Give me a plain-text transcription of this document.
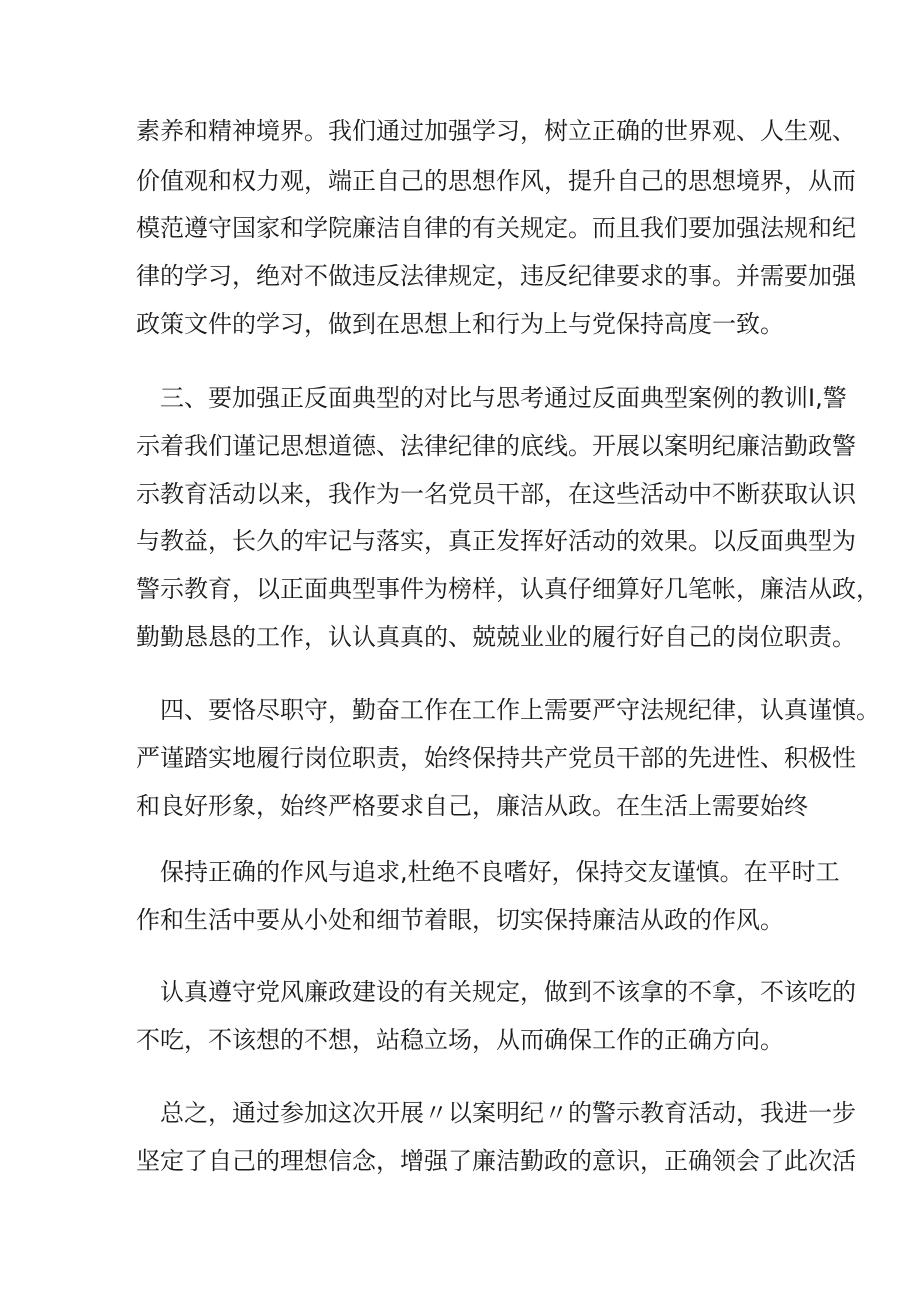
素养和精神境界。我们通过加强学习，树立正确的世界观、人生观、
价值观和权力观，端正自己的思想作风，提升自己的思想境界，从而
模范遵守国家和学院廉洁自律的有关规定。而且我们要加强法规和纪
律的学习，绝对不做违反法律规定，违反纪律要求的事。并需要加强
政策文件的学习，做到在思想上和行为上与党保持高度一致。
三、要加强正反面典型的对比与思考通过反面典型案例的教训Ⅰ,警
示着我们谨记思想道德、法律纪律的底线。开展以案明纪廉洁勤政警
示教育活动以来，我作为一名党员干部，在这些活动中不断获取认识
与教益，长久的牢记与落实，真正发挥好活动的效果。以反面典型为
警示教育，以正面典型事件为榜样，认真仔细算好几笔帐，廉洁从政，
勤勤恳恳的工作，认认真真的、兢兢业业的履行好自己的岗位职责。
四、要恪尽职守，勤奋工作在工作上需要严守法规纪律，认真谨慎。
严谨踏实地履行岗位职责，始终保持共产党员干部的先进性、积极性
和良好形象，始终严格要求自己，廉洁从政。在生活上需要始终
保持正确的作风与追求,杜绝不良嗜好，保持交友谨慎。在平时工
作和生活中要从小处和细节着眼，切实保持廉洁从政的作风。
认真遵守党风廉政建设的有关规定，做到不该拿的不拿，不该吃的
不吃，不该想的不想，站稳立场，从而确保工作的正确方向。
总之，通过参加这次开展〃以案明纪〃的警示教育活动，我进一步
坚定了自己的理想信念，增强了廉洁勤政的意识，正确领会了此次活
